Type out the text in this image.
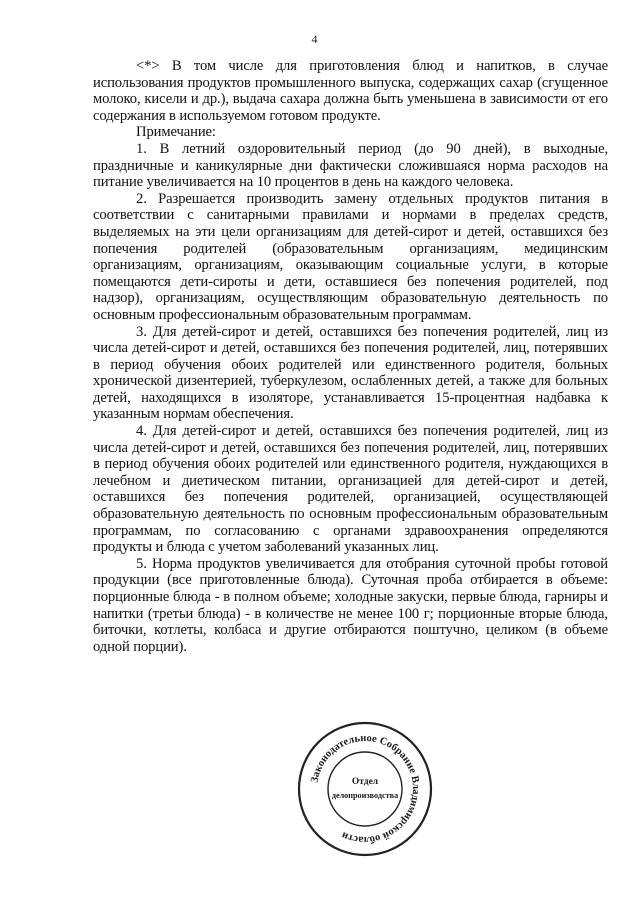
4

<*> В том числе для приготовления блюд и напитков, в случае использования продуктов промышленного выпуска, содержащих сахар (сгущенное молоко, кисели и др.), выдача сахара должна быть уменьшена в зависимости от его содержания в используемом готовом продукте.

Примечание:

1. В летний оздоровительный период (до 90 дней), в выходные, праздничные и каникулярные дни фактически сложившаяся норма расходов на питание увеличивается на 10 процентов в день на каждого человека.

2. Разрешается производить замену отдельных продуктов питания в соответствии с санитарными правилами и нормами в пределах средств, выделяемых на эти цели организациям для детей-сирот и детей, оставшихся без попечения родителей (образовательным организациям, медицинским организациям, организациям, оказывающим социальные услуги, в которые помещаются дети-сироты и дети, оставшиеся без попечения родителей, под надзор), организациям, осуществляющим образовательную деятельность по основным профессиональным образовательным программам.

3. Для детей-сирот и детей, оставшихся без попечения родителей, лиц из числа детей-сирот и детей, оставшихся без попечения родителей, лиц, потерявших в период обучения обоих родителей или единственного родителя, больных хронической дизентерией, туберкулезом, ослабленных детей, а также для больных детей, находящихся в изоляторе, устанавливается 15-процентная надбавка к указанным нормам обеспечения.

4. Для детей-сирот и детей, оставшихся без попечения родителей, лиц из числа детей-сирот и детей, оставшихся без попечения родителей, лиц, потерявших в период обучения обоих родителей или единственного родителя, нуждающихся в лечебном и диетическом питании, организацией для детей-сирот и детей, оставшихся без попечения родителей, организацией, осуществляющей образовательную деятельность по основным профессиональным образовательным программам, по согласованию с органами здравоохранения определяются продукты и блюда с учетом заболеваний указанных лиц.

5. Норма продуктов увеличивается для отобрания суточной пробы готовой продукции (все приготовленные блюда). Суточная проба отбирается в объеме: порционные блюда - в полном объеме; холодные закуски, первые блюда, гарниры и напитки (третьи блюда) - в количестве не менее 100 г; порционные вторые блюда, биточки, котлеты, колбаса и другие отбираются поштучно, целиком (в объеме одной порции).

Законодательное Собрание Владимирской области
Отдел
делопроизводства
